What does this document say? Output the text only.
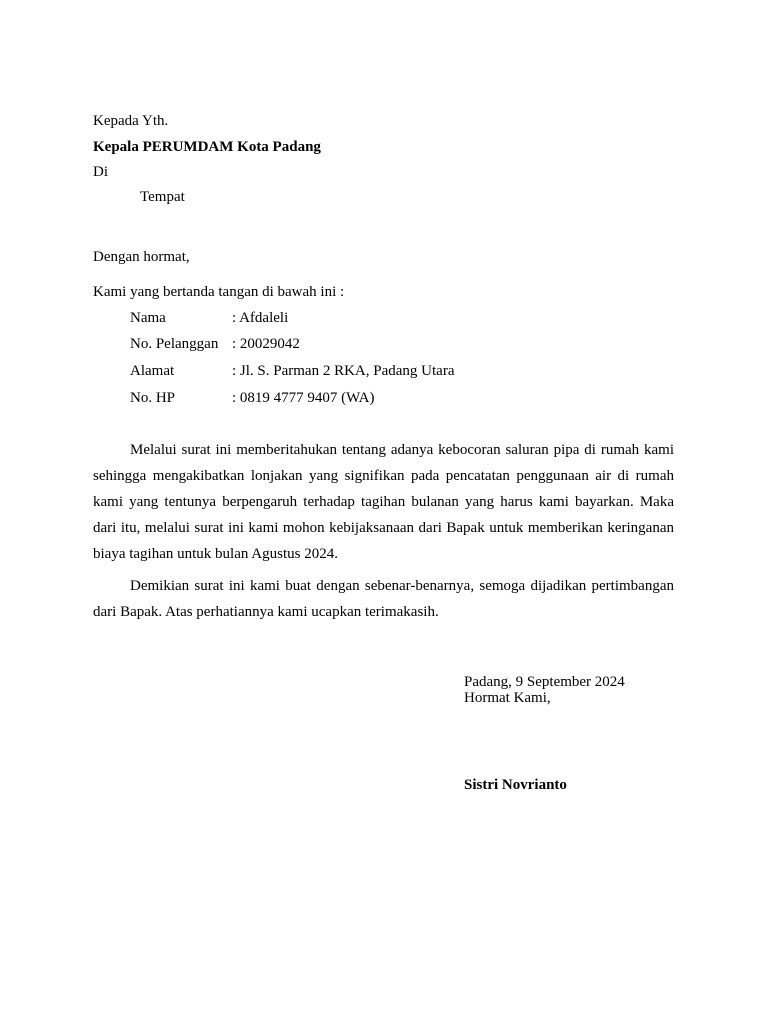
Kepada Yth.
Kepala PERUMDAM Kota Padang
Di
Tempat
Dengan hormat,
Kami yang bertanda tangan di bawah ini :
Nama	: Afdaleli
No. Pelanggan : 20029042
Alamat	: Jl. S. Parman 2 RKA, Padang Utara
No. HP	: 0819 4777 9407 (WA)

Melalui surat ini memberitahukan tentang adanya kebocoran saluran pipa di rumah kami sehingga mengakibatkan lonjakan yang signifikan pada pencatatan penggunaan air di rumah kami yang tentunya berpengaruh terhadap tagihan bulanan yang harus kami bayarkan. Maka dari itu, melalui surat ini kami mohon kebijaksanaan dari Bapak untuk memberikan keringanan biaya tagihan untuk bulan Agustus 2024.

Demikian surat ini kami buat dengan sebenar-benarnya, semoga dijadikan pertimbangan dari Bapak. Atas perhatiannya kami ucapkan terimakasih.

Padang, 9 September 2024
Hormat Kami,
Sistri Novrianto
